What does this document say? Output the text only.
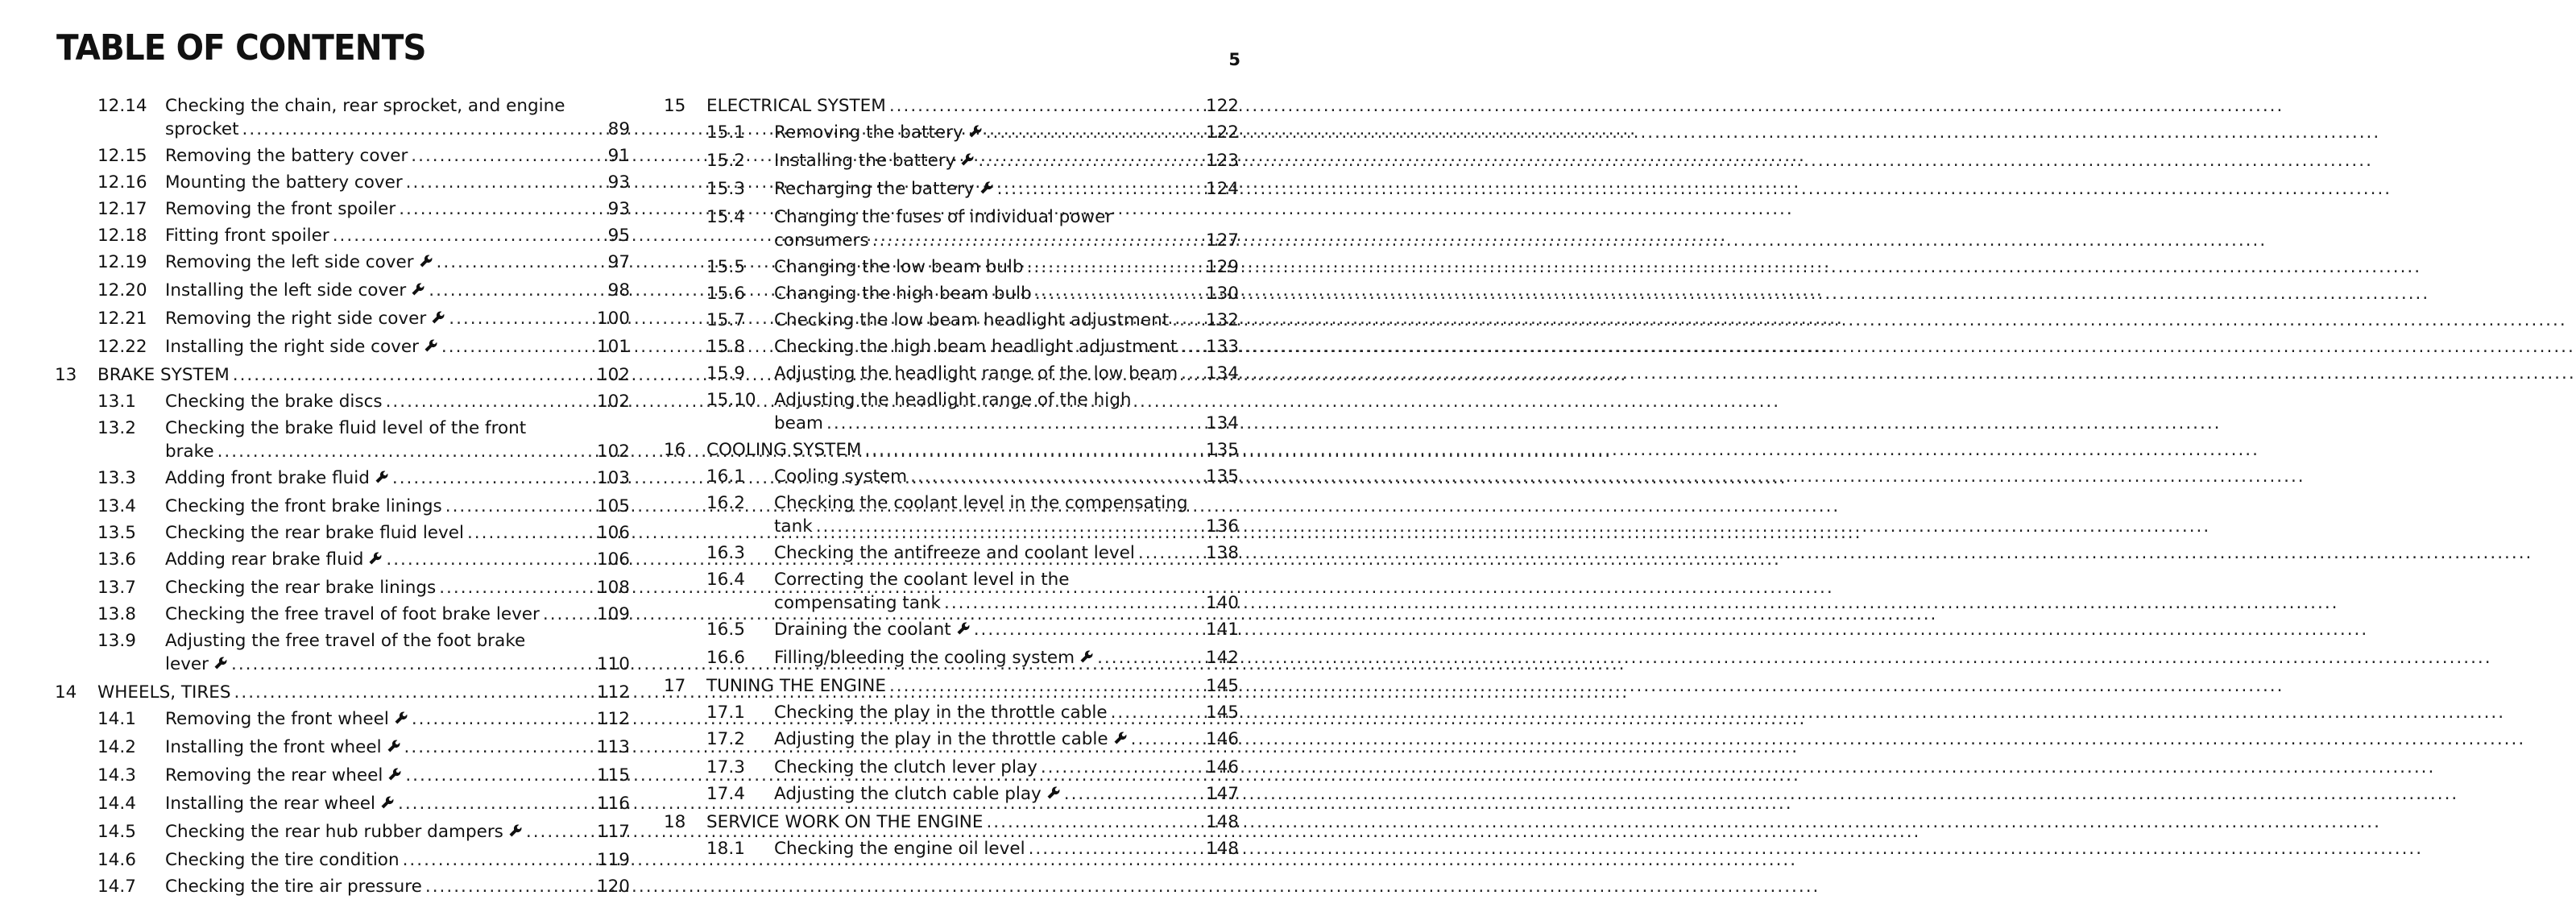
TABLE OF CONTENTS	5
12.14 Checking the chain, rear sprocket, and engine
sprocket .....	89
12.15 Removing the battery cover .....	91
12.16 Mounting the battery cover .....	93
12.17 Removing the front spoiler .....	93
12.18 Fitting front spoiler .....	95
12.19 Removing the left side cover .....	97
12.20 Installing the left side cover .....	98
12.21 Removing the right side cover .....	100
12.22 Installing the right side cover .....	101
13 BRAKE SYSTEM .....	102
13.1 Checking the brake discs .....	102
13.2 Checking the brake fluid level of the front
brake .....	102
13.3 Adding front brake fluid .....	103
13.4 Checking the front brake linings .....	105
13.5 Checking the rear brake fluid level .....	106
13.6 Adding rear brake fluid .....	106
13.7 Checking the rear brake linings .....	108
13.8 Checking the free travel of foot brake lever .....	109
13.9 Adjusting the free travel of the foot brake
lever .....	110
14 WHEELS, TIRES .....	112
14.1 Removing the front wheel .....	112
14.2 Installing the front wheel .....	113
14.3 Removing the rear wheel .....	115
14.4 Installing the rear wheel .....	116
14.5 Checking the rear hub rubber dampers .....	117
14.6 Checking the tire condition .....	119
14.7 Checking the tire air pressure .....	120
15 ELECTRICAL SYSTEM .....	122
15.1 Removing the battery .....	122
15.2 Installing the battery .....	123
15.3 Recharging the battery .....	124
15.4 Changing the fuses of individual power
consumers .....	127
15.5 Changing the low beam bulb .....	129
15.6 Changing the high beam bulb .....	130
15.7 Checking the low beam headlight adjustment ..... 132
15.8 Checking the high beam headlight adjustment ..... 133
15.9 Adjusting the headlight range of the low beam ..... 134
15.10 Adjusting the headlight range of the high
beam .....	134
16 COOLING SYSTEM .....	135
16.1 Cooling system .....	135
16.2 Checking the coolant level in the compensating
tank .....	136
16.3 Checking the antifreeze and coolant level .....	138
16.4 Correcting the coolant level in the
compensating tank .....	140
16.5 Draining the coolant .....	141
16.6 Filling/bleeding the cooling system .....	142
17 TUNING THE ENGINE .....	145
17.1 Checking the play in the throttle cable .....	145
17.2 Adjusting the play in the throttle cable .....	146
17.3 Checking the clutch lever play .....	146
17.4 Adjusting the clutch cable play .....	147
18 SERVICE WORK ON THE ENGINE .....	148
18.1 Checking the engine oil level .....	148
